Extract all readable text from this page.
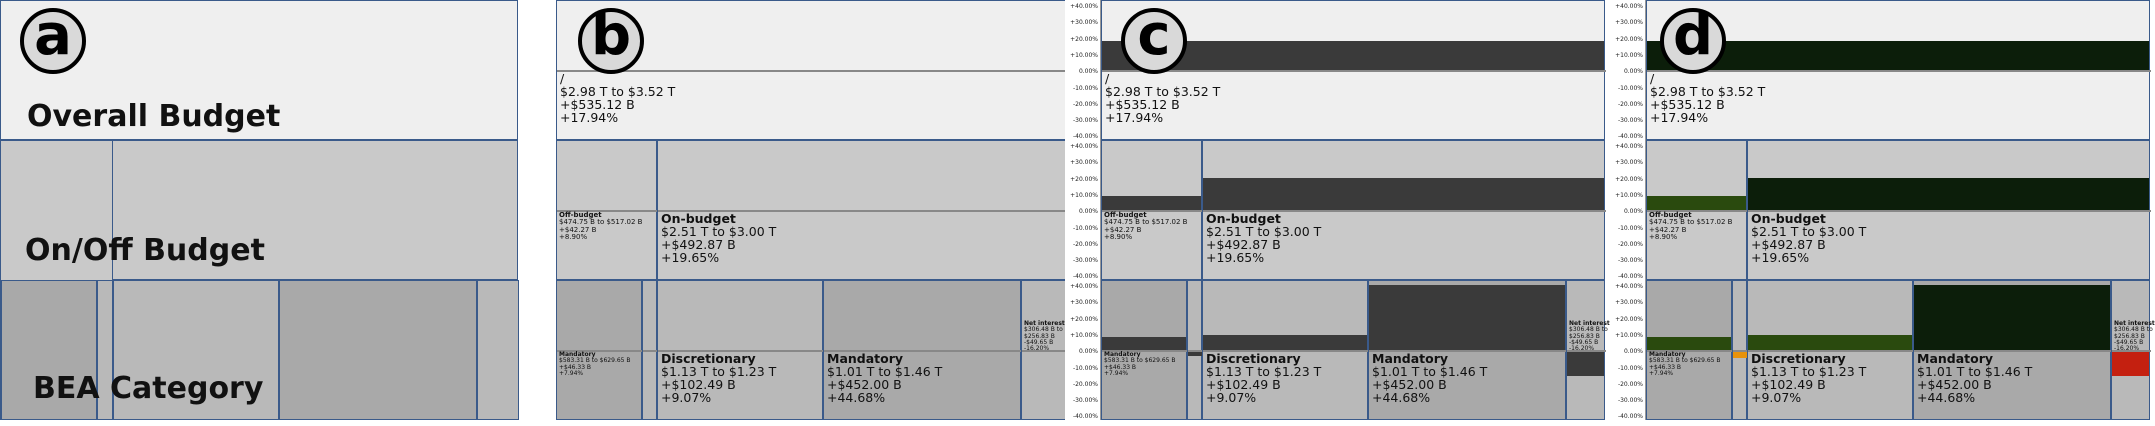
a
Overall Budget
On/Off Budget
BEA Category
b
/
$2.98 T to $3.52 T
+$535.12 B
+17.94%
Off-budget
$474.75 B to $517.02 B
+$42.27 B
+8.90%
On-budget
$2.51 T to $3.00 T
+$492.87 B
+19.65%
Mandatory
$583.31 B to $629.65 B
+$46.33 B
+7.94%
Discretionary
$1.13 T to $1.23 T
+$102.49 B
+9.07%
Mandatory
$1.01 T to $1.46 T
+$452.00 B
+44.68%
Net interest
$306.48 B to
$256.83 B
-$49.65 B
-16.20%
c
+40.00%
+30.00%
+20.00%
+10.00%
0.00%
-10.00%
-20.00%
-30.00%
-40.00%
+40.00%
+30.00%
+20.00%
+10.00%
0.00%
-10.00%
-20.00%
-30.00%
-40.00%
+40.00%
+30.00%
+20.00%
+10.00%
0.00%
-10.00%
-20.00%
-30.00%
-40.00%
/
$2.98 T to $3.52 T
+$535.12 B
+17.94%
Off-budget
$474.75 B to $517.02 B
+$42.27 B
+8.90%
On-budget
$2.51 T to $3.00 T
+$492.87 B
+19.65%
Mandatory
$583.31 B to $629.65 B
+$46.33 B
+7.94%
Discretionary
$1.13 T to $1.23 T
+$102.49 B
+9.07%
Mandatory
$1.01 T to $1.46 T
+$452.00 B
+44.68%
Net interest
$306.48 B to
$256.83 B
-$49.65 B
-16.20%
d
+40.00%
+30.00%
+20.00%
+10.00%
0.00%
-10.00%
-20.00%
-30.00%
-40.00%
+40.00%
+30.00%
+20.00%
+10.00%
0.00%
-10.00%
-20.00%
-30.00%
-40.00%
+40.00%
+30.00%
+20.00%
+10.00%
0.00%
-10.00%
-20.00%
-30.00%
-40.00%
/
$2.98 T to $3.52 T
+$535.12 B
+17.94%
Off-budget
$474.75 B to $517.02 B
+$42.27 B
+8.90%
On-budget
$2.51 T to $3.00 T
+$492.87 B
+19.65%
Mandatory
$583.31 B to $629.65 B
+$46.33 B
+7.94%
Discretionary
$1.13 T to $1.23 T
+$102.49 B
+9.07%
Mandatory
$1.01 T to $1.46 T
+$452.00 B
+44.68%
Net interest
$306.48 B to
$256.83 B
-$49.65 B
-16.20%
